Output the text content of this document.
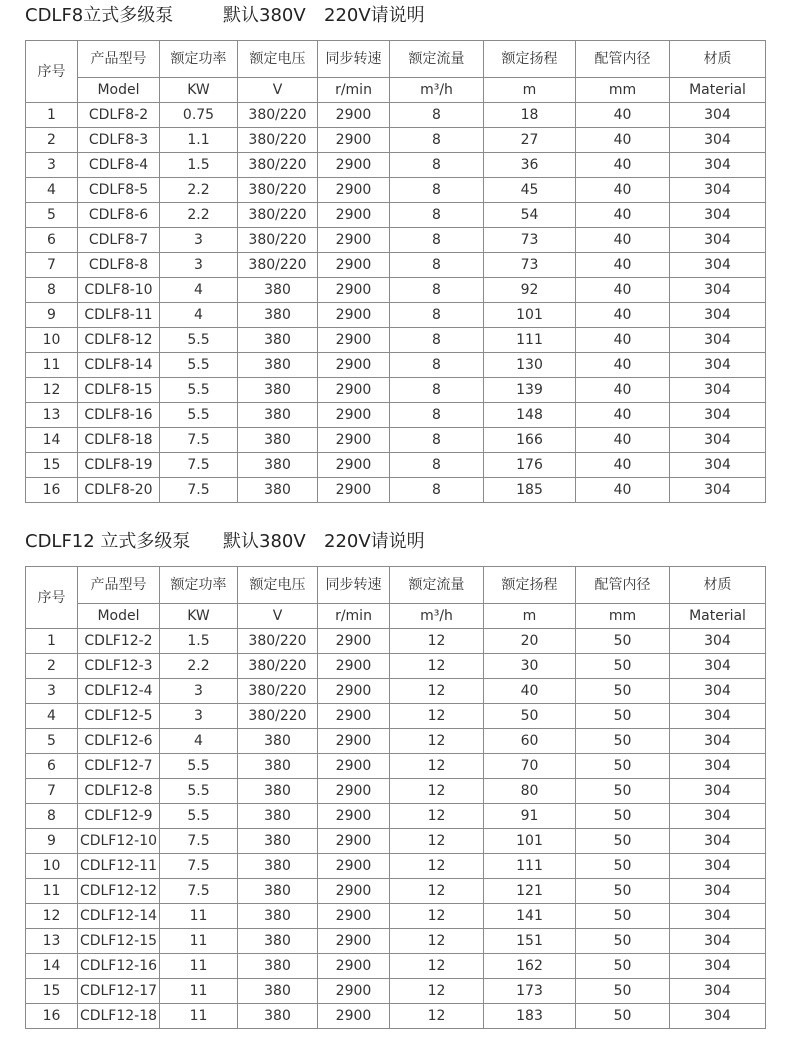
CDLF8立式多级泵	默认380V 220V请说明
序号	产品型号	额定功率	额定电压	同步转速	额定流量	额定扬程	配管内径	材质
	Model	KW	V	r/min	m³/h	m	mm	Material
1	CDLF8-2	0.75	380/220	2900	8	18	40	304
2	CDLF8-3	1.1	380/220	2900	8	27	40	304
3	CDLF8-4	1.5	380/220	2900	8	36	40	304
4	CDLF8-5	2.2	380/220	2900	8	45	40	304
5	CDLF8-6	2.2	380/220	2900	8	54	40	304
6	CDLF8-7	3	380/220	2900	8	73	40	304
7	CDLF8-8	3	380/220	2900	8	73	40	304
8	CDLF8-10	4	380	2900	8	92	40	304
9	CDLF8-11	4	380	2900	8	101	40	304
10	CDLF8-12	5.5	380	2900	8	111	40	304
11	CDLF8-14	5.5	380	2900	8	130	40	304
12	CDLF8-15	5.5	380	2900	8	139	40	304
13	CDLF8-16	5.5	380	2900	8	148	40	304
14	CDLF8-18	7.5	380	2900	8	166	40	304
15	CDLF8-19	7.5	380	2900	8	176	40	304
16	CDLF8-20	7.5	380	2900	8	185	40	304
CDLF12 立式多级泵 默认380V 220V请说明
序号	产品型号	额定功率	额定电压	同步转速	额定流量	额定扬程	配管内径	材质
	Model	KW	V	r/min	m³/h	m	mm	Material
1	CDLF12-2	1.5	380/220	2900	12	20	50	304
2	CDLF12-3	2.2	380/220	2900	12	30	50	304
3	CDLF12-4	3	380/220	2900	12	40	50	304
4	CDLF12-5	3	380/220	2900	12	50	50	304
5	CDLF12-6	4	380	2900	12	60	50	304
6	CDLF12-7	5.5	380	2900	12	70	50	304
7	CDLF12-8	5.5	380	2900	12	80	50	304
8	CDLF12-9	5.5	380	2900	12	91	50	304
9	CDLF12-10	7.5	380	2900	12	101	50	304
10	CDLF12-11	7.5	380	2900	12	111	50	304
11	CDLF12-12	7.5	380	2900	12	121	50	304
12	CDLF12-14	11	380	2900	12	141	50	304
13	CDLF12-15	11	380	2900	12	151	50	304
14	CDLF12-16	11	380	2900	12	162	50	304
15	CDLF12-17	11	380	2900	12	173	50	304
16	CDLF12-18	11	380	2900	12	183	50	304
